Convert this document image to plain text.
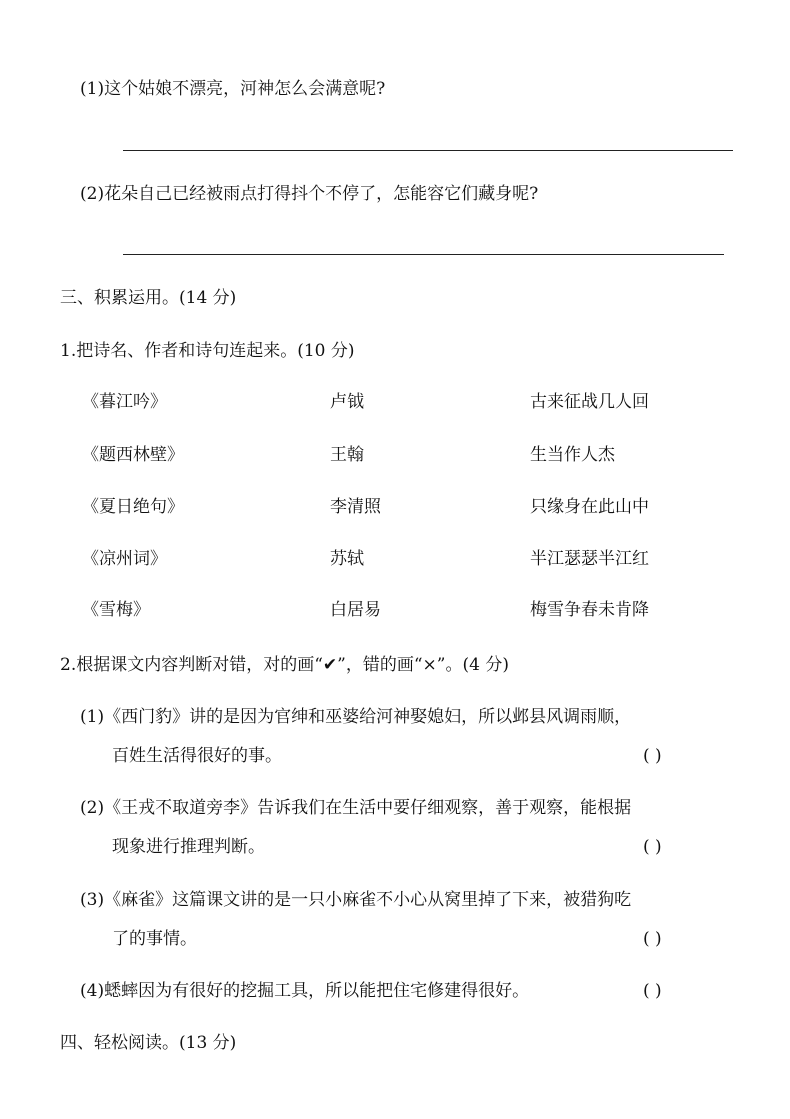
(1)这个姑娘不漂亮，河神怎么会满意呢?
(2)花朵自己已经被雨点打得抖个不停了，怎能容它们藏身呢?
三、积累运用。(14 分)
1.把诗名、作者和诗句连起来。(10 分)
《暮江吟》	卢钺	古来征战几人回
《题西林壁》	王翰	生当作人杰
《夏日绝句》	李清照	只缘身在此山中
《凉州词》	苏轼	半江瑟瑟半江红
《雪梅》	白居易	梅雪争春未肯降
2.根据课文内容判断对错，对的画“✔”，错的画“×”。(4 分)
(1)《西门豹》讲的是因为官绅和巫婆给河神娶媳妇，所以邺县风调雨顺，
百姓生活得很好的事。	( )
(2)《王戎不取道旁李》告诉我们在生活中要仔细观察，善于观察，能根据
现象进行推理判断。	( )
(3)《麻雀》这篇课文讲的是一只小麻雀不小心从窝里掉了下来，被猎狗吃
了的事情。	( )
(4)蟋蟀因为有很好的挖掘工具，所以能把住宅修建得很好。	( )
四、轻松阅读。(13 分)
